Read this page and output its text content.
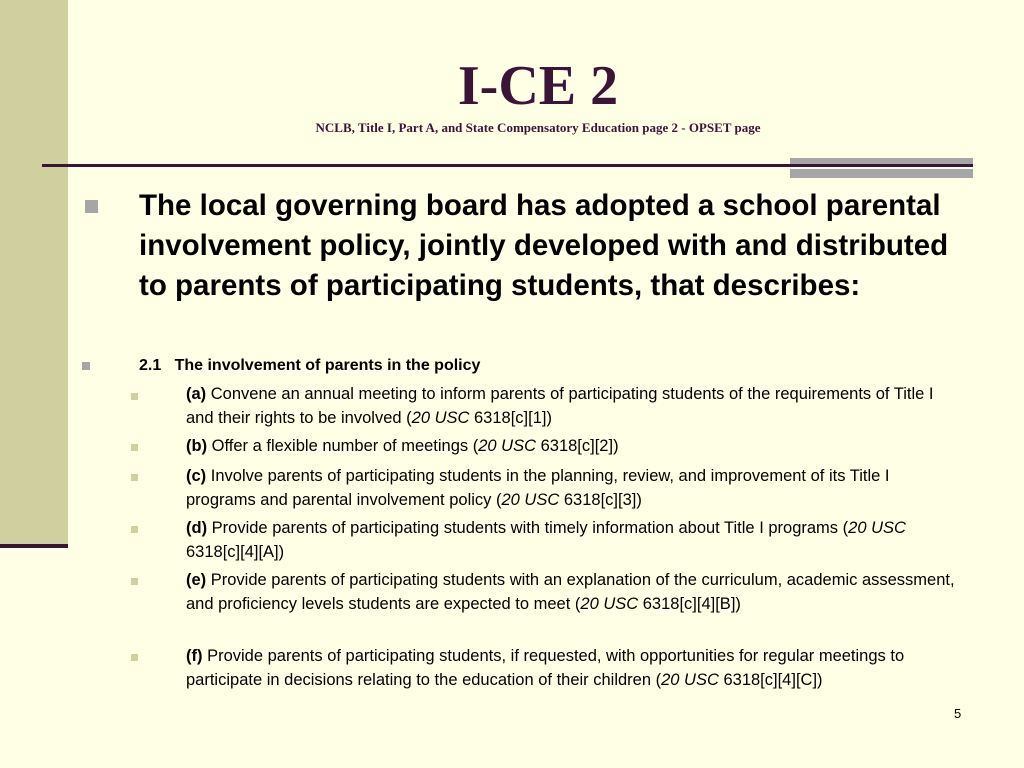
I-CE 2
NCLB, Title I, Part A, and State Compensatory Education page 2 - OPSET page
The local governing board has adopted a school parental involvement policy, jointly developed with and distributed to parents of participating students, that describes:
2.1   The involvement of parents in the policy
(a) Convene an annual meeting to inform parents of participating students of the requirements of Title I and their rights to be involved (20 USC 6318[c][1])
(b) Offer a flexible number of meetings (20 USC 6318[c][2])
(c) Involve parents of participating students in the planning, review, and improvement of its Title I programs and parental involvement policy (20 USC 6318[c][3])
(d) Provide parents of participating students with timely information about Title I programs (20 USC 6318[c][4][A])
(e) Provide parents of participating students with an explanation of the curriculum, academic assessment, and proficiency levels students are expected to meet (20 USC 6318[c][4][B])
(f) Provide parents of participating students, if requested, with opportunities for regular meetings to participate in decisions relating to the education of their children (20 USC 6318[c][4][C])
5
